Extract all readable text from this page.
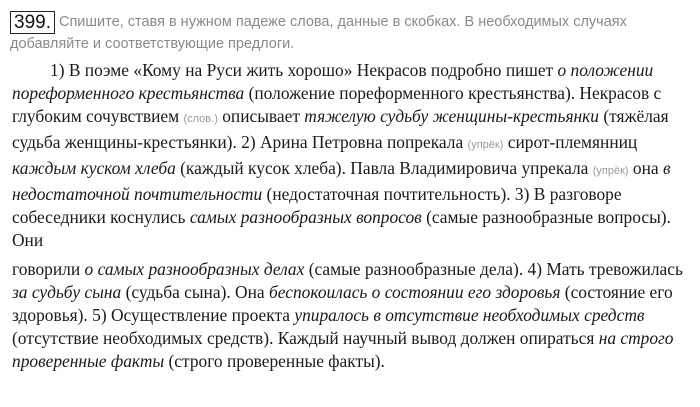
399. Спишите, ставя в нужном падеже слова, данные в скобках. В необходимых случаях добавляйте и соответствующие предлоги.
1) В поэме «Кому на Руси жить хорошо» Некрасов подробно пишет о положении пореформенного крестьянства (положение пореформенного крестьянства). Некрасов с глубоким сочувствием (слов.) описывает тяжелую судьбу женщины-крестьянки (тяжёлая судьба женщины-крестьянки). 2) Арина Петровна попрекала (упрёк) сирот-племянниц каждым куском хлеба (каждый кусок хлеба). Павла Владимировича упрекала (упрёк) она в недостаточной почтительности (недостаточная почтительность). 3) В разговоре собеседники коснулись самых разнообразных вопросов (самые разнообразные вопросы). Они
говорили о самых разнообразных делах (самые разнообразные дела). 4) Мать тревожилась за судьбу сына (судьба сына). Она беспокоилась о состоянии его здоровья (состояние его здоровья). 5) Осуществление проекта упиралось в отсутствие необходимых средств (отсутствие необходимых средств). Каждый научный вывод должен опираться на строго проверенные факты (строго проверенные факты).
